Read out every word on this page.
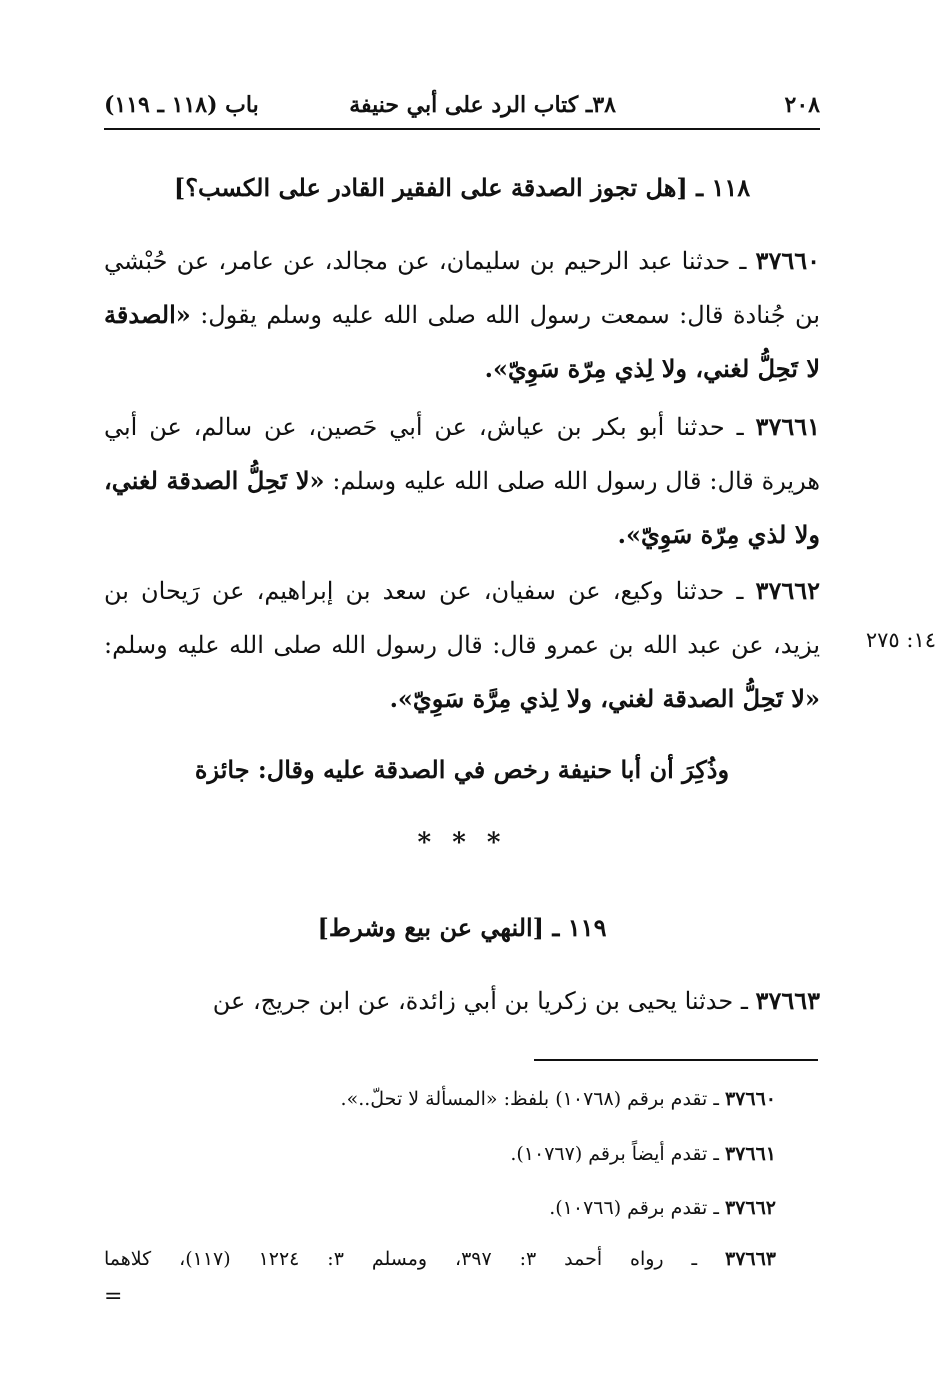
٢٠٨
٣٨ـ كتاب الرد على أبي حنيفة
باب (١١٨ ـ ١١٩)
١١٨ ـ [هل تجوز الصدقة على الفقير القادر على الكسب؟]

٣٧٦٦٠ ـ حدثنا عبد الرحيم بن سليمان، عن مجالد، عن عامر، عن حُبْشي بن جُنادة قال: سمعت رسول الله صلى الله عليه وسلم يقول: «الصدقة لا تَحِلُّ لغني، ولا لِذي مِرّة سَوِيّ».

٣٧٦٦١ ـ حدثنا أبو بكر بن عياش، عن أبي حَصين، عن سالم، عن أبي هريرة قال: قال رسول الله صلى الله عليه وسلم: «لا تَحِلُّ الصدقة لغني، ولا لذي مِرّة سَوِيّ».

٣٧٦٦٢ ـ حدثنا وكيع، عن سفيان، عن سعد بن إبراهيم، عن رَيحان بن يزيد، عن عبد الله بن عمرو قال: قال رسول الله صلى الله عليه وسلم: «لا تَحِلُّ الصدقة لغني، ولا لِذي مِرَّة سَوِيّ».

١٤: ٢٧٥
وذُكِرَ أن أبا حنيفة رخص في الصدقة عليه وقال: جائزة
* * *
١١٩ ـ [النهي عن بيع وشرط]

٣٧٦٦٣ ـ حدثنا يحيى بن زكريا بن أبي زائدة، عن ابن جريج، عن

٣٧٦٦٠ ـ تقدم برقم (١٠٧٦٨) بلفظ: «المسألة لا تحلّ..».
٣٧٦٦١ ـ تقدم أيضاً برقم (١٠٧٦٧).
٣٧٦٦٢ ـ تقدم برقم (١٠٧٦٦).
٣٧٦٦٣ ـ رواه أحمد ٣: ٣٩٧، ومسلم ٣: ١٢٢٤ (١١٧)، كلاهما
=
